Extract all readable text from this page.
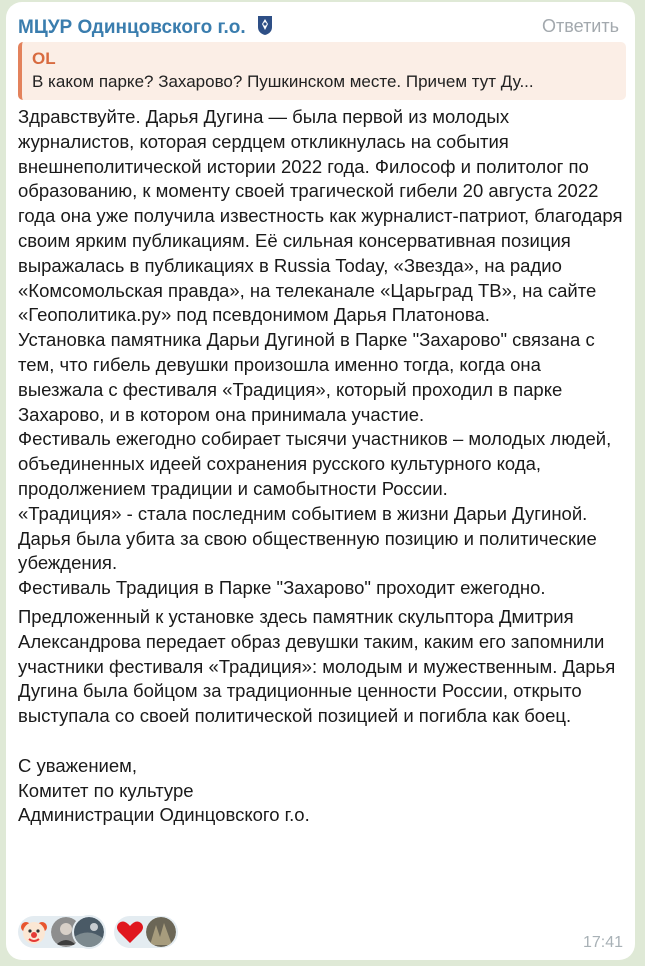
МЦУР Одинцовского г.о.	Ответить
OL
В каком парке? Захарово? Пушкинском месте. Причем тут Ду...

Здравствуйте. Дарья Дугина — была первой из молодых журналистов, которая сердцем откликнулась на события внешнеполитической истории 2022 года. Философ и политолог по образованию, к моменту своей трагической гибели 20 августа 2022 года она уже получила известность как журналист-патриот, благодаря своим ярким публикациям. Её сильная консервативная позиция выражалась в публикациях в Russia Today, «Звезда», на радио «Комсомольская правда», на телеканале «Царьград ТВ», на сайте «Геополитика.ру» под псевдонимом Дарья Платонова.

Установка памятника Дарьи Дугиной в Парке "Захарово" связана с тем, что гибель девушки произошла именно тогда, когда она выезжала с фестиваля «Традиция», который проходил в парке Захарово, и в котором она принимала участие.

Фестиваль ежегодно собирает тысячи участников – молодых людей, объединенных идеей сохранения русского культурного кода, продолжением традиции и самобытности России.

«Традиция» - стала последним событием в жизни Дарьи Дугиной. Дарья была убита за свою общественную позицию и политические убеждения.

Фестиваль Традиция в Парке "Захарово" проходит ежегодно.

Предложенный к установке здесь памятник скульптора Дмитрия Александрова передает образ девушки таким, каким его запомнили участники фестиваля «Традиция»: молодым и мужественным. Дарья Дугина была бойцом за традиционные ценности России, открыто выступала со своей политической позицией и погибла как боец.

С уважением,

Комитет по культуре

Администрации Одинцовского г.о.

17:41
